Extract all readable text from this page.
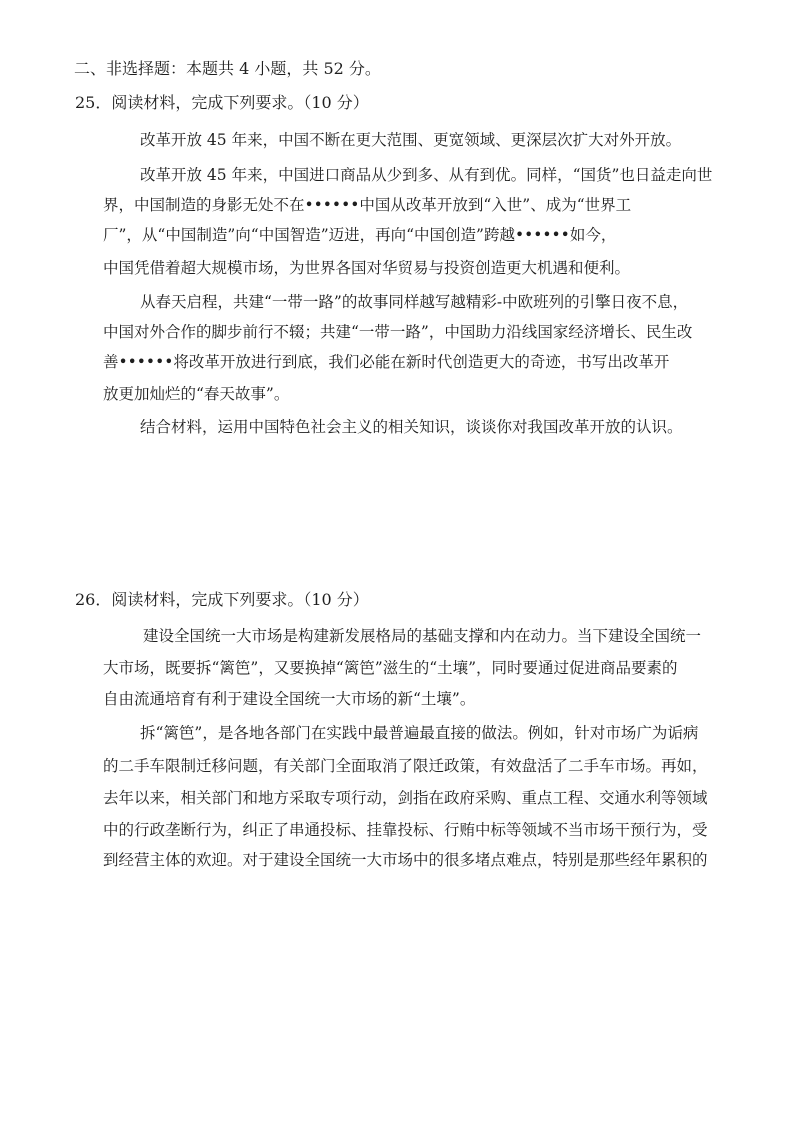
二、非选择题：本题共 4 小题，共 52 分。
25．阅读材料，完成下列要求。（10 分）
改革开放 45 年来，中国不断在更大范围、更宽领域、更深层次扩大对外开放。
改革开放 45 年来，中国进口商品从少到多、从有到优。同样，“国货”也日益走向世
界，中国制造的身影无处不在••••••中国从改革开放到“入世”、成为“世界工
厂”，从“中国制造”向“中国智造”迈进，再向“中国创造”跨越••••••如今，
中国凭借着超大规模市场，为世界各国对华贸易与投资创造更大机遇和便利。
从春天启程，共建“一带一路”的故事同样越写越精彩-中欧班列的引擎日夜不息，
中国对外合作的脚步前行不辍；共建“一带一路”，中国助力沿线国家经济增长、民生改
善••••••将改革开放进行到底，我们必能在新时代创造更大的奇迹，书写出改革开
放更加灿烂的“春天故事”。
结合材料，运用中国特色社会主义的相关知识，谈谈你对我国改革开放的认识。
26．阅读材料，完成下列要求。（10 分）
建设全国统一大市场是构建新发展格局的基础支撑和内在动力。当下建设全国统一
大市场，既要拆“篱笆”，又要换掉“篱笆”滋生的“土壤”，同时要通过促进商品要素的
自由流通培育有利于建设全国统一大市场的新“土壤”。
拆“篱笆”，是各地各部门在实践中最普遍最直接的做法。例如，针对市场广为诟病
的二手车限制迁移问题，有关部门全面取消了限迁政策，有效盘活了二手车市场。再如，
去年以来，相关部门和地方采取专项行动，剑指在政府采购、重点工程、交通水利等领域
中的行政垄断行为，纠正了串通投标、挂靠投标、行贿中标等领域不当市场干预行为，受
到经营主体的欢迎。对于建设全国统一大市场中的很多堵点难点，特别是那些经年累积的
